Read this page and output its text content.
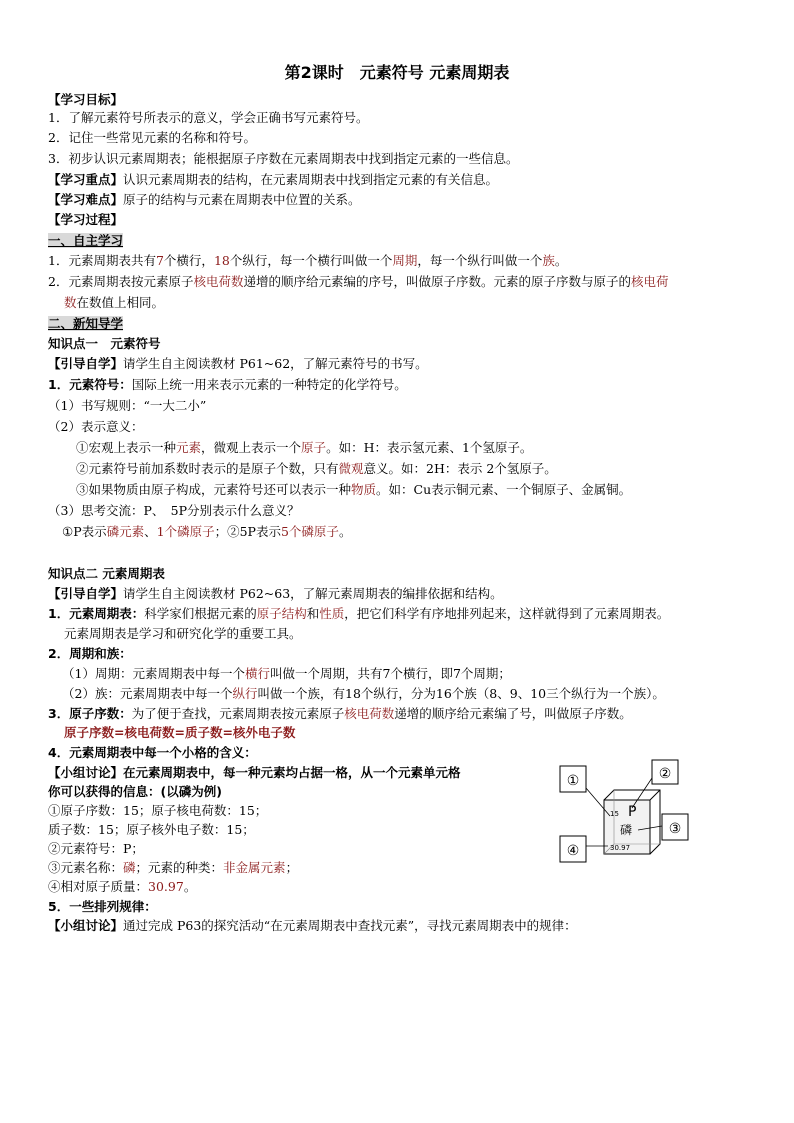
第2课时　元素符号 元素周期表
【学习目标】
1．了解元素符号所表示的意义，学会正确书写元素符号。
2．记住一些常见元素的名称和符号。
3．初步认识元素周期表；能根据原子序数在元素周期表中找到指定元素的一些信息。
【学习重点】认识元素周期表的结构，在元素周期表中找到指定元素的有关信息。
【学习难点】原子的结构与元素在周期表中位置的关系。
【学习过程】
一、自主学习
1．元素周期表共有7个横行，18个纵行，每一个横行叫做一个周期，每一个纵行叫做一个族。
2．元素周期表按元素原子核电荷数递增的顺序给元素编的序号，叫做原子序数。元素的原子序数与原子的核电荷
数在数值上相同。
二、新知导学
知识点一　元素符号
【引导自学】请学生自主阅读教材 P61~62，了解元素符号的书写。
1．元素符号：国际上统一用来表示元素的一种特定的化学符号。
（1）书写规则：“一大二小”
（2）表示意义：
①宏观上表示一种元素，微观上表示一个原子。如：H：表示氢元素、1个氢原子。
②元素符号前加系数时表示的是原子个数，只有微观意义。如：2H：表示 2个氢原子。
③如果物质由原子构成，元素符号还可以表示一种物质。如：Cu表示铜元素、一个铜原子、金属铜。
（3）思考交流：P、　5P分别表示什么意义？
①P表示磷元素、1个磷原子；②5P表示5个磷原子。
知识点二 元素周期表
【引导自学】请学生自主阅读教材 P62~63，了解元素周期表的编排依据和结构。
1．元素周期表：科学家们根据元素的原子结构和性质，把它们科学有序地排列起来，这样就得到了元素周期表。
元素周期表是学习和研究化学的重要工具。
2．周期和族：
（1）周期：元素周期表中每一个横行叫做一个周期，共有7个横行，即7个周期；
（2）族：元素周期表中每一个纵行叫做一个族，有18个纵行，分为16个族（8、9、10三个纵行为一个族）。
3．原子序数：为了便于查找，元素周期表按元素原子核电荷数递增的顺序给元素编了号，叫做原子序数。
原子序数=核电荷数=质子数=核外电子数
4．元素周期表中每一个小格的含义：
【小组讨论】在元素周期表中，每一种元素均占据一格，从一个元素单元格
你可以获得的信息：(以磷为例)
①原子序数：15；原子核电荷数：15；
质子数：15；原子核外电子数：15；
②元素符号：P；
③元素名称：磷；元素的种类：非金属元素；
④相对原子质量：30.97。
5．一些排列规律：
【小组讨论】通过完成 P63的探究活动“在元素周期表中查找元素”，寻找元素周期表中的规律：
①	②
③
④
15 P
磷
30.97
